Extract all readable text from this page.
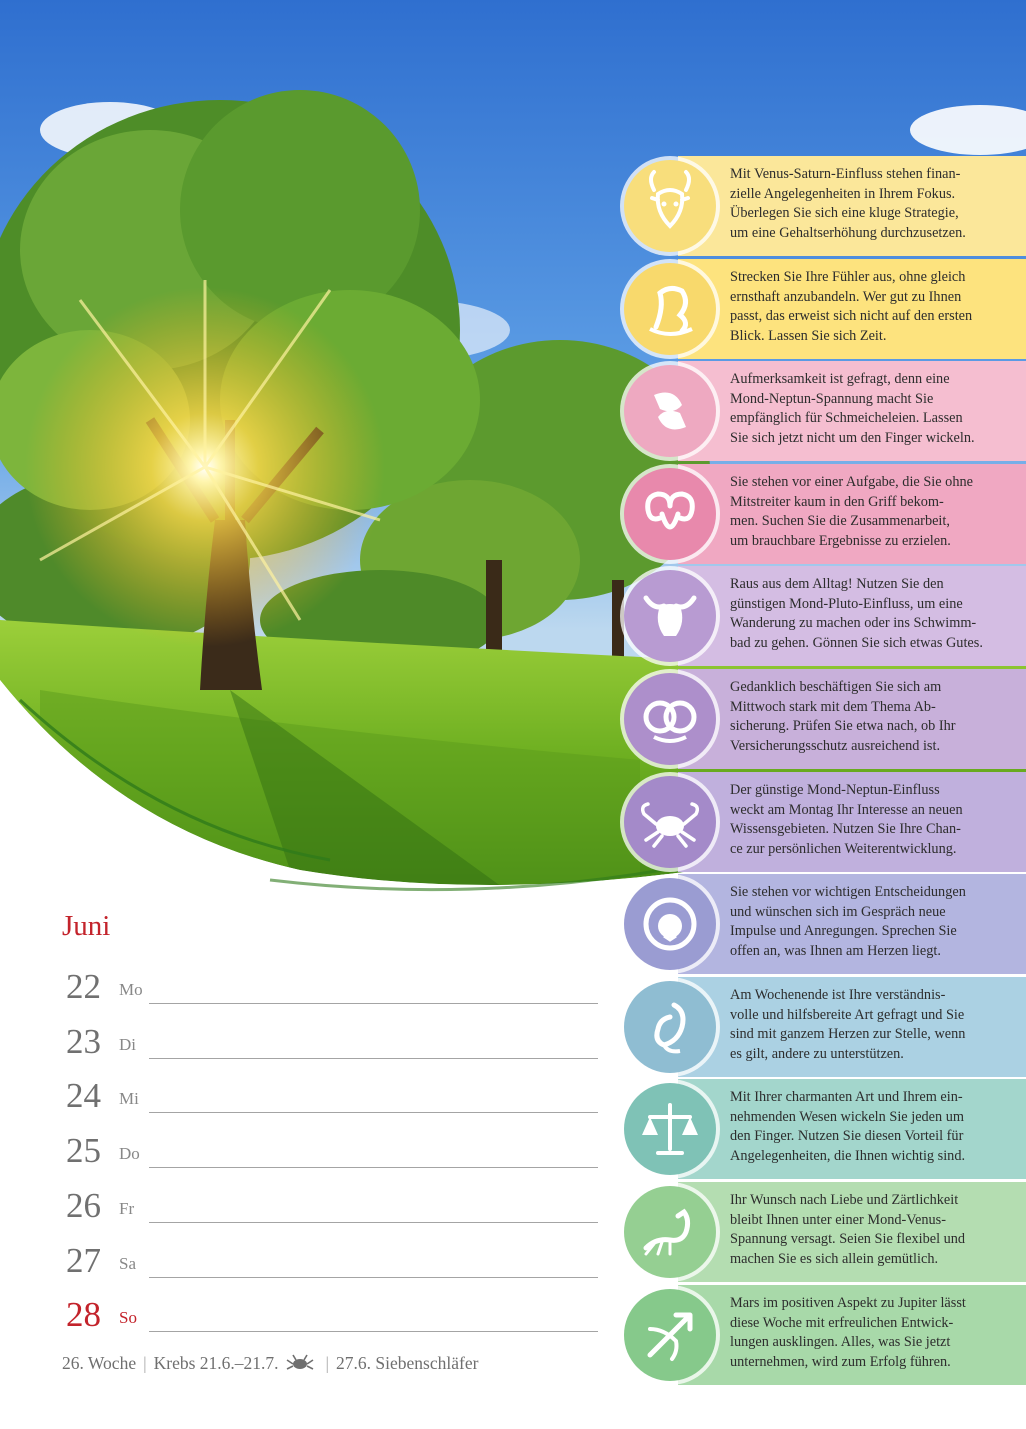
Mit Venus-Saturn-Einfluss stehen finan-
zielle Angelegenheiten in Ihrem Fokus.
Überlegen Sie sich eine kluge Strategie,
um eine Gehaltserhöhung durchzusetzen.
Strecken Sie Ihre Fühler aus, ohne gleich
ernsthaft anzubandeln. Wer gut zu Ihnen
passt, das erweist sich nicht auf den ersten
Blick. Lassen Sie sich Zeit.
Aufmerksamkeit ist gefragt, denn eine
Mond-Neptun-Spannung macht Sie
empfänglich für Schmeicheleien. Lassen
Sie sich jetzt nicht um den Finger wickeln.
Sie stehen vor einer Aufgabe, die Sie ohne
Mitstreiter kaum in den Griff bekom-
men. Suchen Sie die Zusammenarbeit,
um brauchbare Ergebnisse zu erzielen.
Raus aus dem Alltag! Nutzen Sie den
günstigen Mond-Pluto-Einfluss, um eine
Wanderung zu machen oder ins Schwimm-
bad zu gehen. Gönnen Sie sich etwas Gutes.
Gedanklich beschäftigen Sie sich am
Mittwoch stark mit dem Thema Ab-
sicherung. Prüfen Sie etwa nach, ob Ihr
Versicherungsschutz ausreichend ist.
Der günstige Mond-Neptun-Einfluss
weckt am Montag Ihr Interesse an neuen
Wissensgebieten. Nutzen Sie Ihre Chan-
ce zur persönlichen Weiterentwicklung.
Sie stehen vor wichtigen Entscheidungen
und wünschen sich im Gespräch neue
Impulse und Anregungen. Sprechen Sie
offen an, was Ihnen am Herzen liegt.
Am Wochenende ist Ihre verständnis-
volle und hilfsbereite Art gefragt und Sie
sind mit ganzem Herzen zur Stelle, wenn
es gilt, andere zu unterstützen.
Mit Ihrer charmanten Art und Ihrem ein-
nehmenden Wesen wickeln Sie jeden um
den Finger. Nutzen Sie diesen Vorteil für
Angelegenheiten, die Ihnen wichtig sind.
Ihr Wunsch nach Liebe und Zärtlichkeit
bleibt Ihnen unter einer Mond-Venus-
Spannung versagt. Seien Sie flexibel und
machen Sie es sich allein gemütlich.
Mars im positiven Aspekt zu Jupiter lässt
diese Woche mit erfreulichen Entwick-
lungen ausklingen. Alles, was Sie jetzt
unternehmen, wird zum Erfolg führen.
Juni
22 Mo
23 Di
24 Mi
25 Do
26 Fr
27 Sa
28 So
26. Woche | Krebs 21.6.–21.7.	| 27.6. Siebenschläfer
